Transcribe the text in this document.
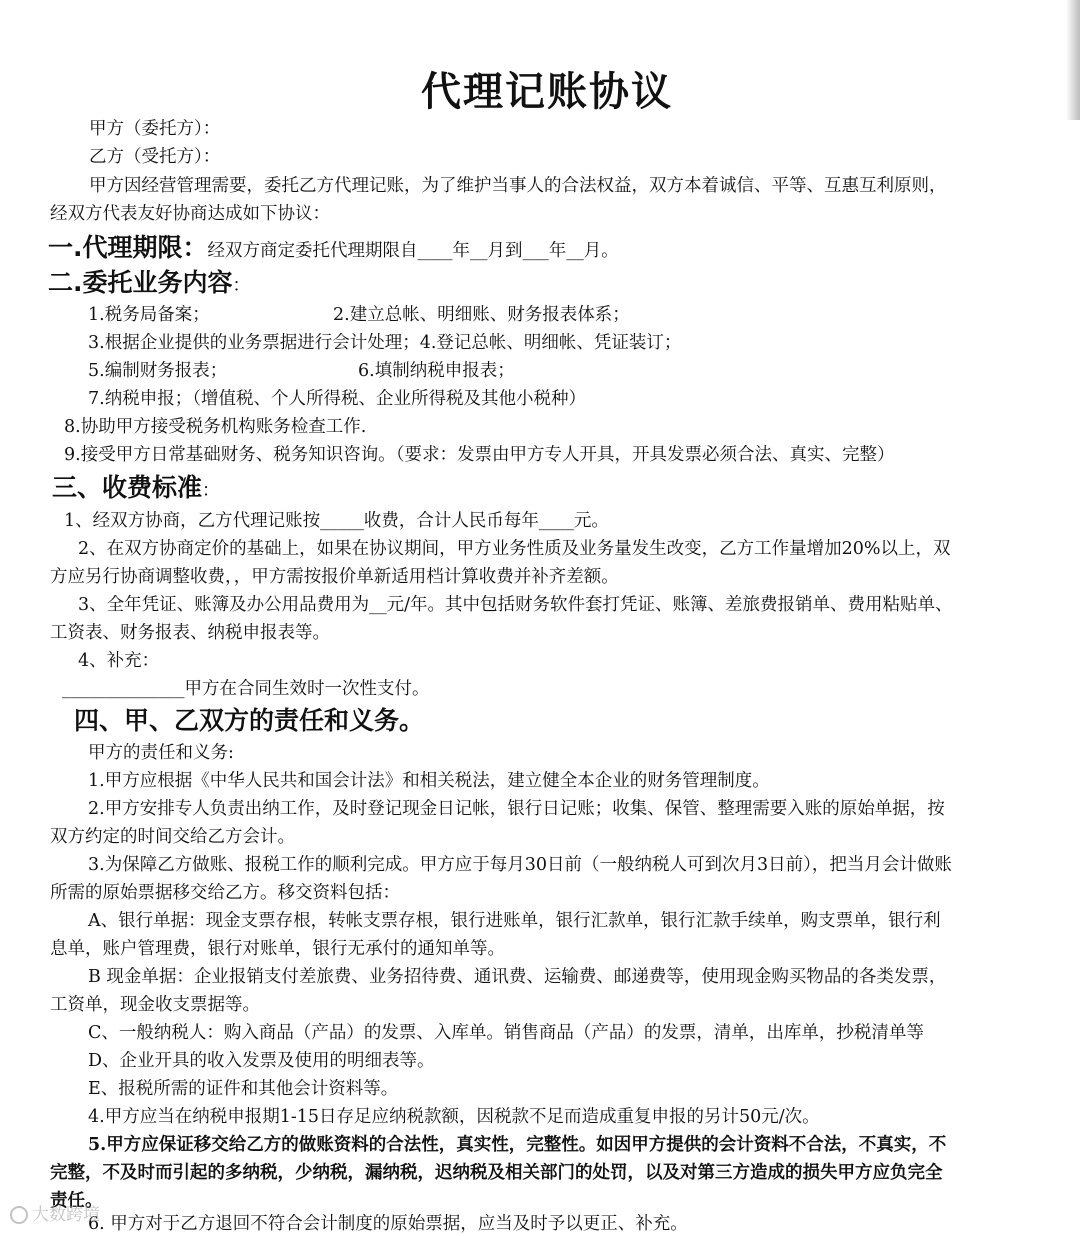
代理记账协议
甲方（委托方）：
乙方（受托方）：
甲方因经营管理需要，委托乙方代理记账，为了维护当事人的合法权益，双方本着诚信、平等、互惠互利原则，
经双方代表友好协商达成如下协议：
一.代理期限：经双方商定委托代理期限自____年__月到___年__月。
二.委托业务内容：
1.税务局备案；	2.建立总帐、明细账、财务报表体系；
3.根据企业提供的业务票据进行会计处理；4.登记总帐、明细帐、凭证装订；
5.编制财务报表；	6.填制纳税申报表；
7.纳税申报；（增值税、个人所得税、企业所得税及其他小税种）
8.协助甲方接受税务机构账务检查工作.
9.接受甲方日常基础财务、税务知识咨询。（要求：发票由甲方专人开具，开具发票必须合法、真实、完整）
三、收费标准：
1、经双方协商，乙方代理记账按_____收费，合计人民币每年____元。
2、在双方协商定价的基础上，如果在协议期间，甲方业务性质及业务量发生改变，乙方工作量增加20%以上，双
方应另行协商调整收费，，甲方需按报价单新适用档计算收费并补齐差额。
3、全年凭证、账簿及办公用品费用为__元/年。其中包括财务软件套打凭证、账簿、差旅费报销单、费用粘贴单、
工资表、财务报表、纳税申报表等。
4、补充：
______________甲方在合同生效时一次性支付。
四、甲、乙双方的责任和义务。
甲方的责任和义务:
1.甲方应根据《中华人民共和国会计法》和相关税法，建立健全本企业的财务管理制度。
2.甲方安排专人负责出纳工作，及时登记现金日记帐，银行日记账；收集、保管、整理需要入账的原始单据，按
双方约定的时间交给乙方会计。
3.为保障乙方做账、报税工作的顺利完成。甲方应于每月30日前（一般纳税人可到次月3日前），把当月会计做账
所需的原始票据移交给乙方。移交资料包括：
A、银行单据：现金支票存根，转帐支票存根，银行进账单，银行汇款单，银行汇款手续单，购支票单，银行利
息单，账户管理费，银行对账单，银行无承付的通知单等。
B 现金单据：企业报销支付差旅费、业务招待费、通讯费、运输费、邮递费等，使用现金购买物品的各类发票，
工资单，现金收支票据等。
C、一般纳税人：购入商品（产品）的发票、入库单。销售商品（产品）的发票，清单，出库单，抄税清单等
D、企业开具的收入发票及使用的明细表等。
E、报税所需的证件和其他会计资料等。
4.甲方应当在纳税申报期1-15日存足应纳税款额，因税款不足而造成重复申报的另计50元/次。
5.甲方应保证移交给乙方的做账资料的合法性，真实性，完整性。如因甲方提供的会计资料不合法，不真实，不
完整，不及时而引起的多纳税，少纳税，漏纳税，迟纳税及相关部门的处罚，以及对第三方造成的损失甲方应负完全
责任。
6. 甲方对于乙方退回不符合会计制度的原始票据，应当及时予以更正、补充。
大数跨境
